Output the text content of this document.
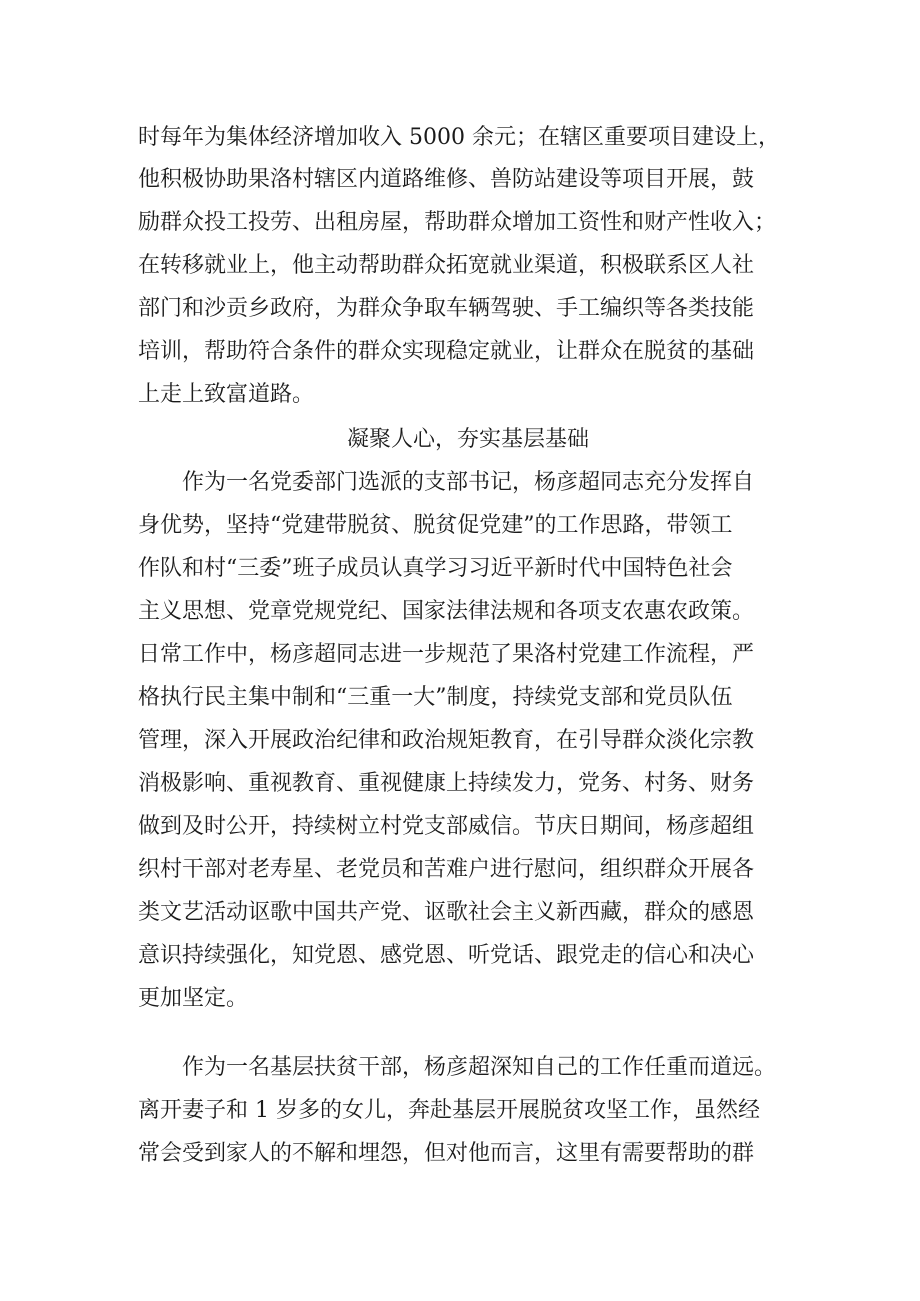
时每年为集体经济增加收入 5000 余元；在辖区重要项目建设上，
他积极协助果洛村辖区内道路维修、兽防站建设等项目开展，鼓
励群众投工投劳、出租房屋，帮助群众增加工资性和财产性收入；
在转移就业上，他主动帮助群众拓宽就业渠道，积极联系区人社
部门和沙贡乡政府，为群众争取车辆驾驶、手工编织等各类技能
培训，帮助符合条件的群众实现稳定就业，让群众在脱贫的基础
上走上致富道路。
凝聚人心，夯实基层基础
作为一名党委部门选派的支部书记，杨彦超同志充分发挥自
身优势，坚持“党建带脱贫、脱贫促党建”的工作思路，带领工
作队和村“三委”班子成员认真学习习近平新时代中国特色社会
主义思想、党章党规党纪、国家法律法规和各项支农惠农政策。
日常工作中，杨彦超同志进一步规范了果洛村党建工作流程，严
格执行民主集中制和“三重一大”制度，持续党支部和党员队伍
管理，深入开展政治纪律和政治规矩教育，在引导群众淡化宗教
消极影响、重视教育、重视健康上持续发力，党务、村务、财务
做到及时公开，持续树立村党支部威信。节庆日期间，杨彦超组
织村干部对老寿星、老党员和苦难户进行慰问，组织群众开展各
类文艺活动讴歌中国共产党、讴歌社会主义新西藏，群众的感恩
意识持续强化，知党恩、感党恩、听党话、跟党走的信心和决心
更加坚定。
作为一名基层扶贫干部，杨彦超深知自己的工作任重而道远。
离开妻子和 1 岁多的女儿，奔赴基层开展脱贫攻坚工作，虽然经
常会受到家人的不解和埋怨，但对他而言，这里有需要帮助的群
